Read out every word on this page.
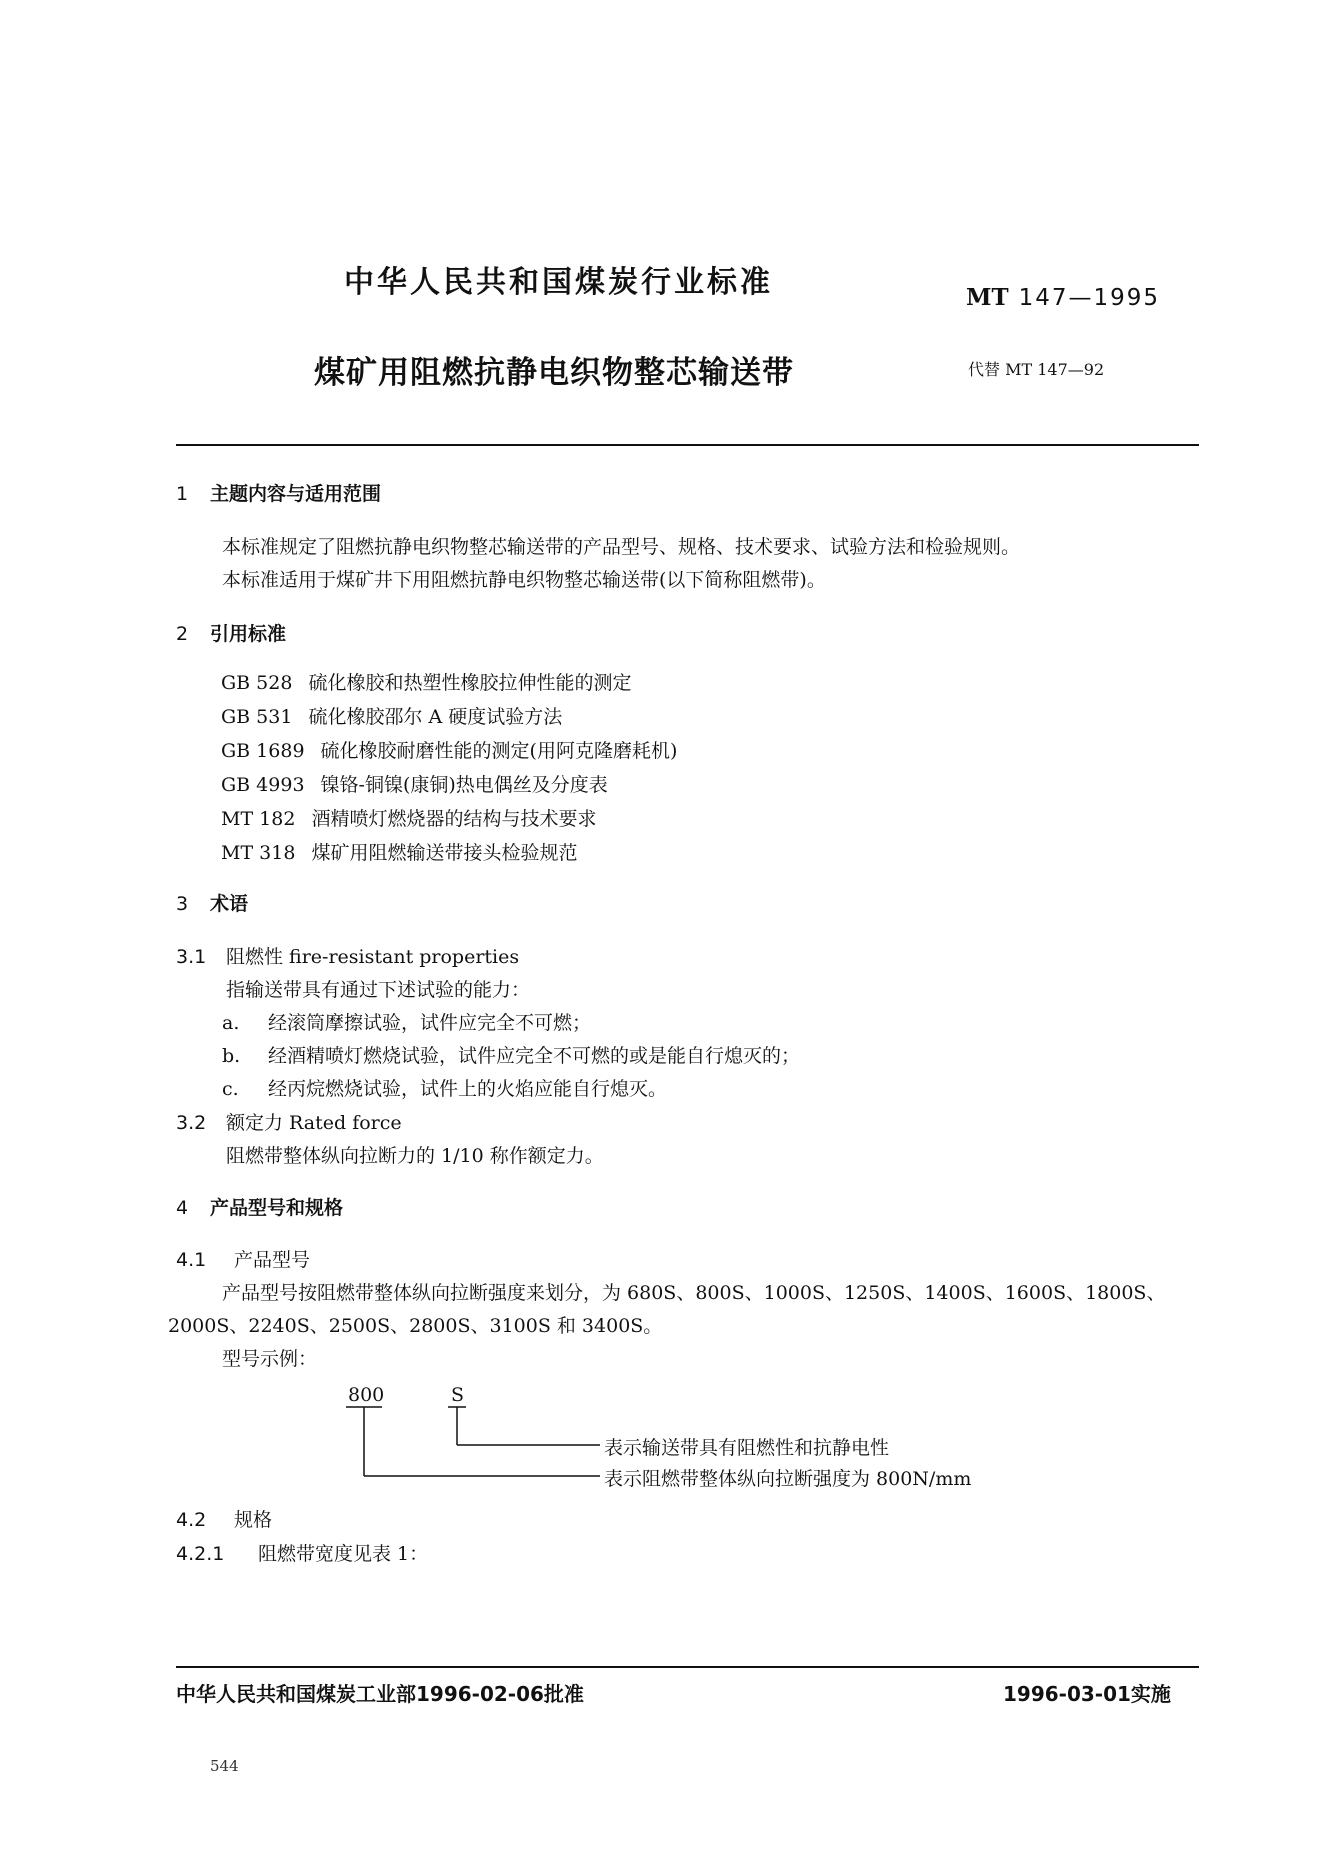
中华人民共和国煤炭行业标准	MT 147—1995
煤矿用阻燃抗静电织物整芯输送带	代替 MT 147—92
1 主题内容与适用范围
本标准规定了阻燃抗静电织物整芯输送带的产品型号、规格、技术要求、试验方法和检验规则。
本标准适用于煤矿井下用阻燃抗静电织物整芯输送带(以下简称阻燃带)。
2 引用标准
GB 528 硫化橡胶和热塑性橡胶拉伸性能的测定
GB 531 硫化橡胶邵尔 A 硬度试验方法
GB 1689 硫化橡胶耐磨性能的测定(用阿克隆磨耗机)
GB 4993 镍铬-铜镍(康铜)热电偶丝及分度表
MT 182 酒精喷灯燃烧器的结构与技术要求
MT 318 煤矿用阻燃输送带接头检验规范
3 术语
3.1 阻燃性 fire-resistant properties
指输送带具有通过下述试验的能力：
a. 经滚筒摩擦试验，试件应完全不可燃；
b. 经酒精喷灯燃烧试验，试件应完全不可燃的或是能自行熄灭的；
c. 经丙烷燃烧试验，试件上的火焰应能自行熄灭。
3.2 额定力 Rated force
阻燃带整体纵向拉断力的 1/10 称作额定力。
4 产品型号和规格
4.1 产品型号
产品型号按阻燃带整体纵向拉断强度来划分，为 680S、800S、1000S、1250S、1400S、1600S、1800S、
2000S、2240S、2500S、2800S、3100S 和 3400S。
型号示例：
800	S
表示输送带具有阻燃性和抗静电性
表示阻燃带整体纵向拉断强度为 800N/mm
4.2 规格
4.2.1 阻燃带宽度见表 1：
中华人民共和国煤炭工业部1996-02-06批准	1996-03-01实施
544
